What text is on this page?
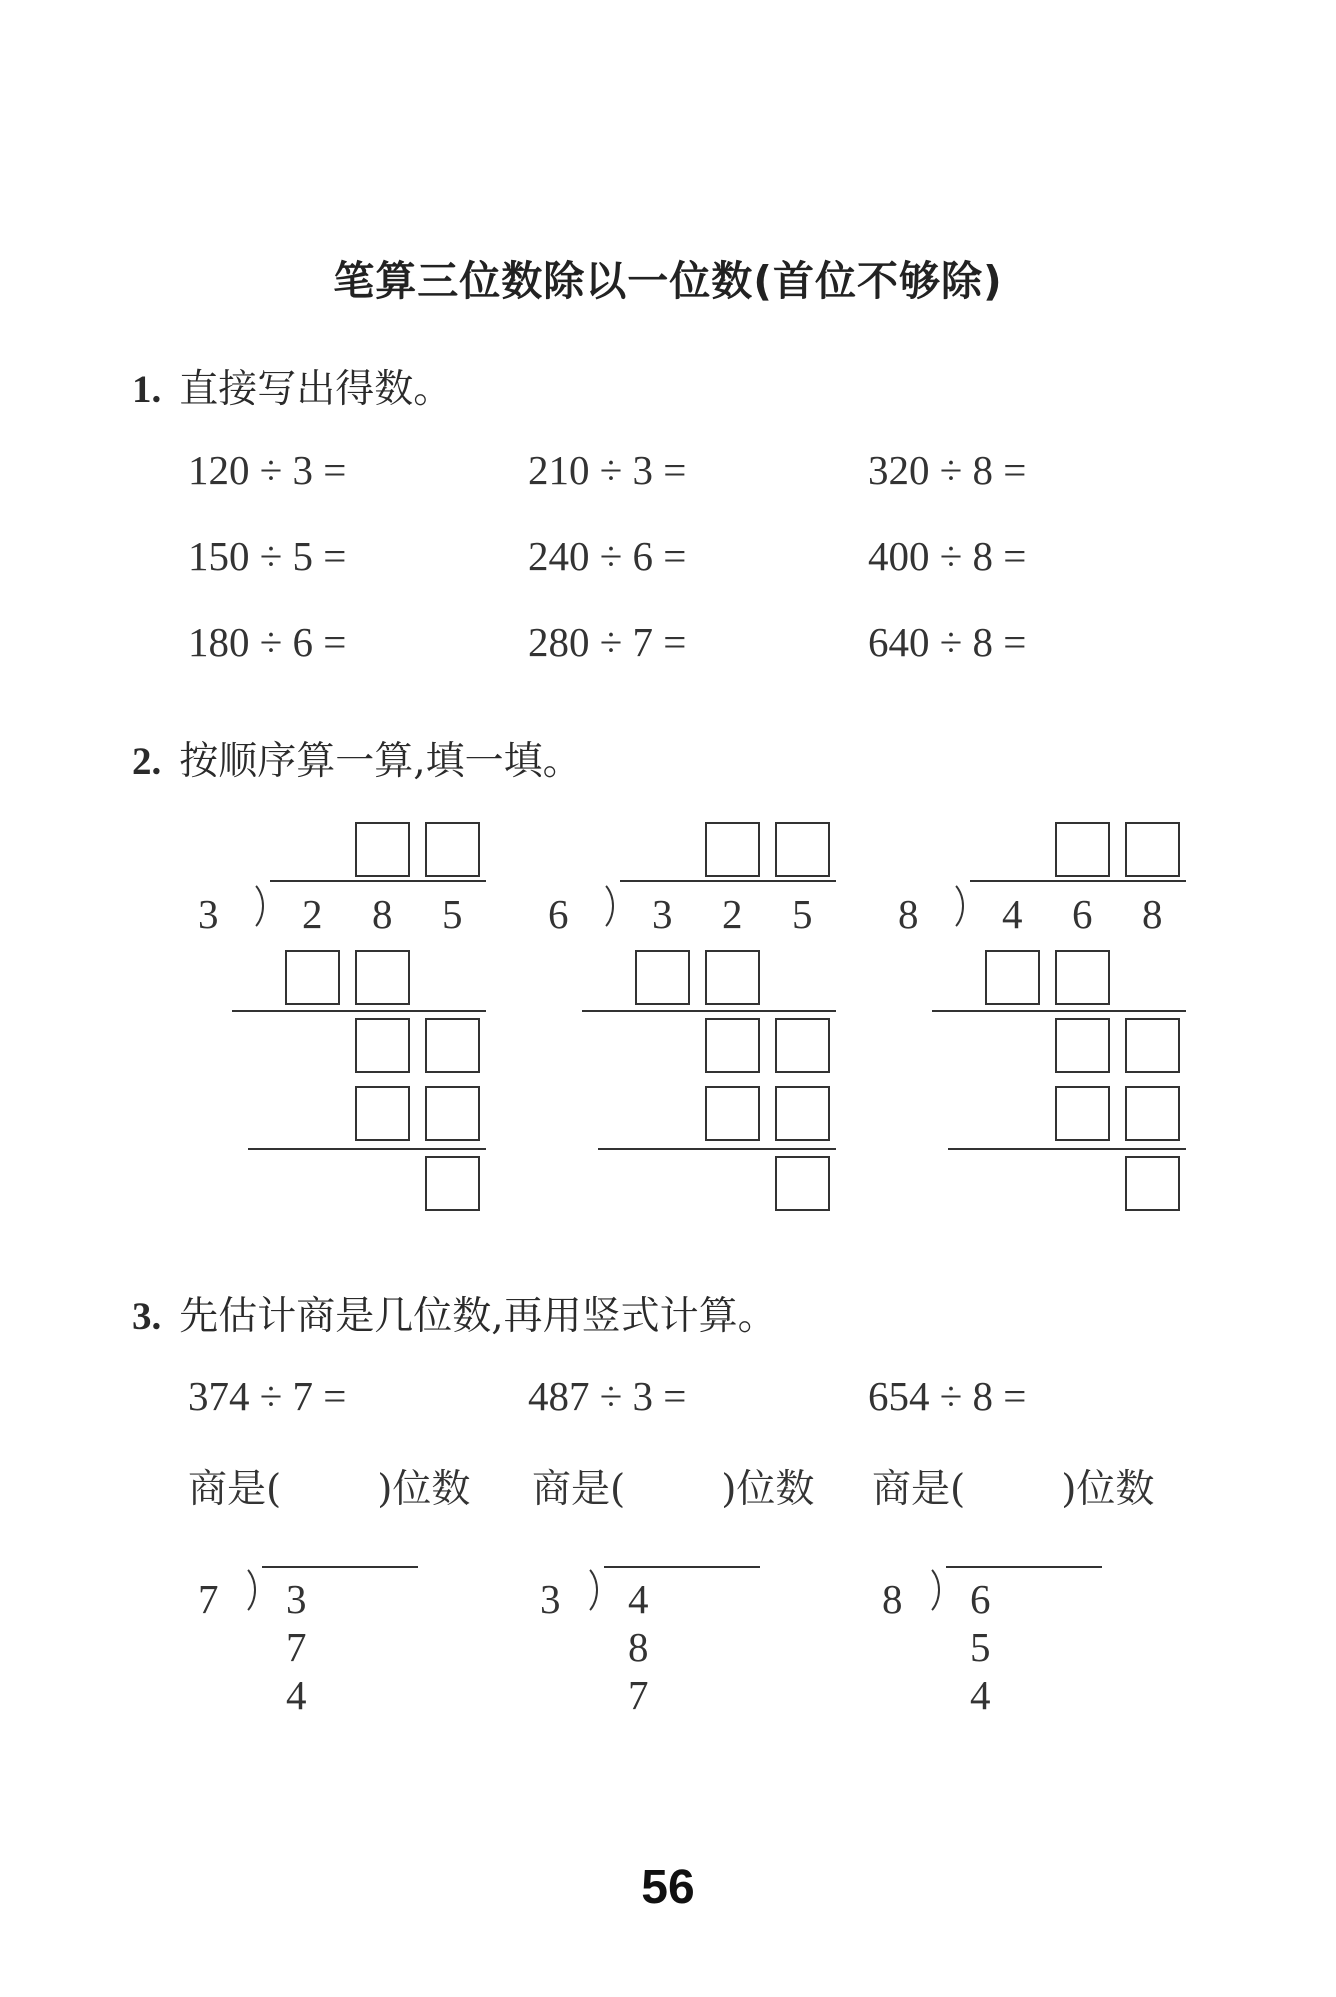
笔算三位数除以一位数(首位不够除)
1. 直接写出得数。
120 ÷ 3 =	210 ÷ 3 =	320 ÷ 8 =
150 ÷ 5 =	240 ÷ 6 =	400 ÷ 8 =
180 ÷ 6 =	280 ÷ 7 =	640 ÷ 8 =
2. 按顺序算一算,填一填。
3 2 8 5 6 3 2 5 8 4 6 8
3. 先估计商是几位数,再用竖式计算。
374 ÷ 7 =	487 ÷ 3 =	654 ÷ 8 =
商是( )位数 商是( )位数 商是( )位数
7 3 7 4
3 4 8 7
8 6 5 4
56
